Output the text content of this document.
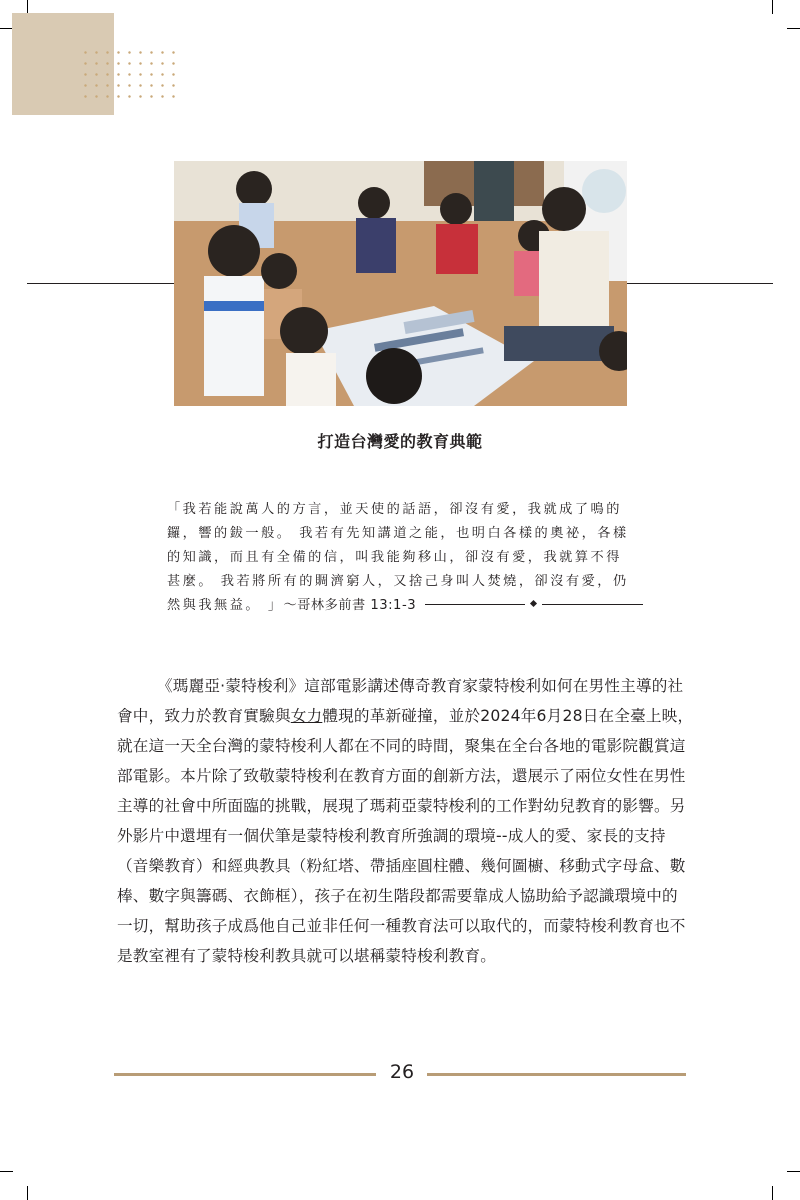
打造台灣愛的教育典範
「我若能說萬人的方言，並天使的話語，卻沒有愛，我就成了鳴的
鑼，響的鈸一般。 我若有先知講道之能，也明白各樣的奧祕，各樣
的知識，而且有全備的信，叫我能夠移山，卻沒有愛，我就算不得
甚麼。 我若將所有的賙濟窮人，又捨己身叫人焚燒，卻沒有愛，仍
然與我無益。 」～哥林多前書 13:1-3
《瑪麗亞·蒙特梭利》這部電影講述傳奇教育家蒙特梭利如何在男性主導的社
會中，致力於教育實驗與女力體現的革新碰撞，並於2024年6月28日在全臺上映，
就在這一天全台灣的蒙特梭利人都在不同的時間，聚集在全台各地的電影院觀賞這
部電影。本片除了致敬蒙特梭利在教育方面的創新方法，還展示了兩位女性在男性
主導的社會中所面臨的挑戰，展現了瑪莉亞蒙特梭利的工作對幼兒教育的影響。另
外影片中還埋有一個伏筆是蒙特梭利教育所強調的環境--成人的愛、家長的支持
（音樂教育）和經典教具（粉紅塔、帶插座圓柱體、幾何圖櫥、移動式字母盒、數
棒、數字與籌碼、衣飾框），孩子在初生階段都需要靠成人協助給予認識環境中的
一切，幫助孩子成爲他自己並非任何一種教育法可以取代的，而蒙特梭利教育也不
是教室裡有了蒙特梭利教具就可以堪稱蒙特梭利教育。
26
